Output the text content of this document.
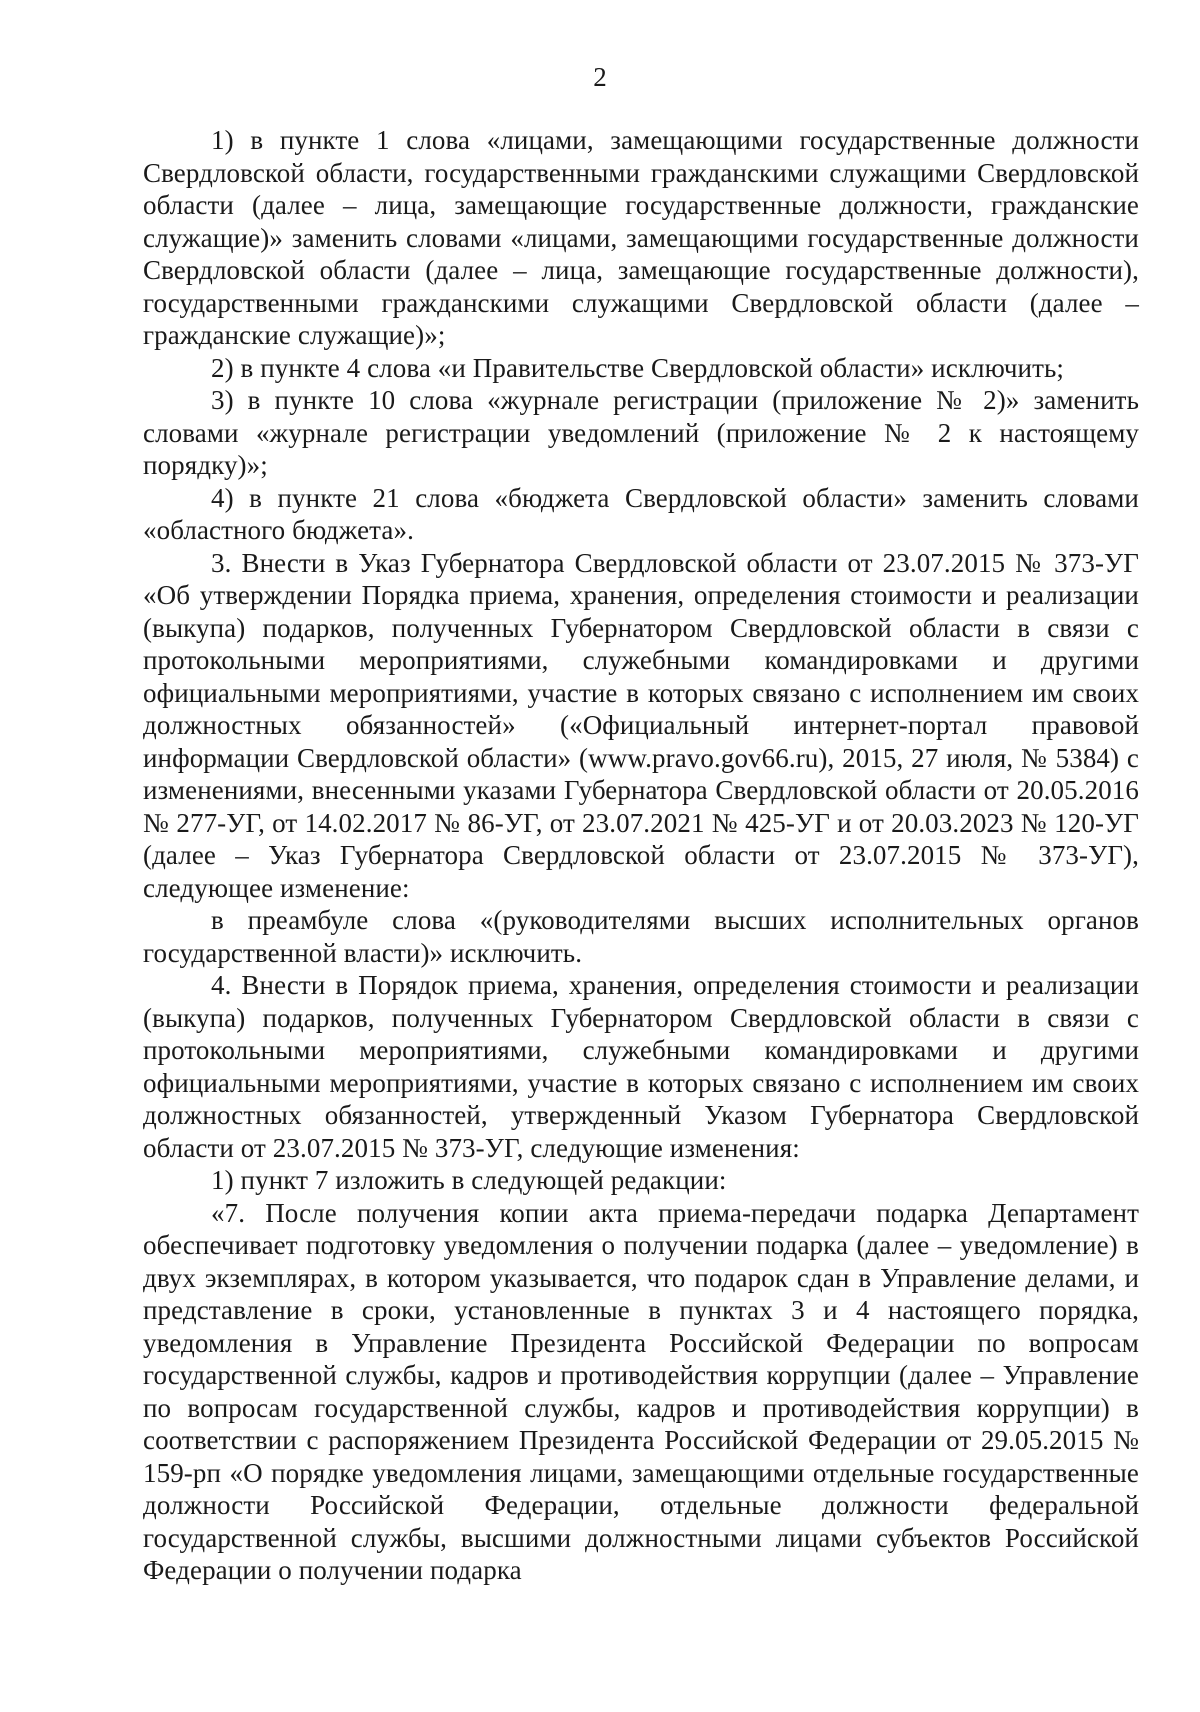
2

1) в пункте 1 слова «лицами, замещающими государственные должности Свердловской области, государственными гражданскими служащими Свердловской области (далее – лица, замещающие государственные должности, гражданские служащие)» заменить словами «лицами, замещающими государственные должности Свердловской области (далее – лица, замещающие государственные должности), государственными гражданскими служащими Свердловской области (далее – гражданские служащие)»;

2) в пункте 4 слова «и Правительстве Свердловской области» исключить;

3) в пункте 10 слова «журнале регистрации (приложение № 2)» заменить словами «журнале регистрации уведомлений (приложение № 2 к настоящему порядку)»;

4) в пункте 21 слова «бюджета Свердловской области» заменить словами «областного бюджета».

3. Внести в Указ Губернатора Свердловской области от 23.07.2015 № 373-УГ «Об утверждении Порядка приема, хранения, определения стоимости и реализации (выкупа) подарков, полученных Губернатором Свердловской области в связи с протокольными мероприятиями, служебными командировками и другими официальными мероприятиями, участие в которых связано с исполнением им своих должностных обязанностей» («Официальный интернет-портал правовой информации Свердловской области» (www.pravo.gov66.ru), 2015, 27 июля, № 5384) с изменениями, внесенными указами Губернатора Свердловской области от 20.05.2016 № 277-УГ, от 14.02.2017 № 86-УГ, от 23.07.2021 № 425-УГ и от 20.03.2023 № 120-УГ (далее – Указ Губернатора Свердловской области от 23.07.2015 № 373-УГ), следующее изменение:

в преамбуле слова «(руководителями высших исполнительных органов государственной власти)» исключить.

4. Внести в Порядок приема, хранения, определения стоимости и реализации (выкупа) подарков, полученных Губернатором Свердловской области в связи с протокольными мероприятиями, служебными командировками и другими официальными мероприятиями, участие в которых связано с исполнением им своих должностных обязанностей, утвержденный Указом Губернатора Свердловской области от 23.07.2015 № 373-УГ, следующие изменения:

1) пункт 7 изложить в следующей редакции:

«7. После получения копии акта приема-передачи подарка Департамент обеспечивает подготовку уведомления о получении подарка (далее – уведомление) в двух экземплярах, в котором указывается, что подарок сдан в Управление делами, и представление в сроки, установленные в пунктах 3 и 4 настоящего порядка, уведомления в Управление Президента Российской Федерации по вопросам государственной службы, кадров и противодействия коррупции (далее – Управление по вопросам государственной службы, кадров и противодействия коррупции) в соответствии с распоряжением Президента Российской Федерации от 29.05.2015 № 159-рп «О порядке уведомления лицами, замещающими отдельные государственные должности Российской Федерации, отдельные должности федеральной государственной службы, высшими должностными лицами субъектов Российской Федерации о получении подарка
